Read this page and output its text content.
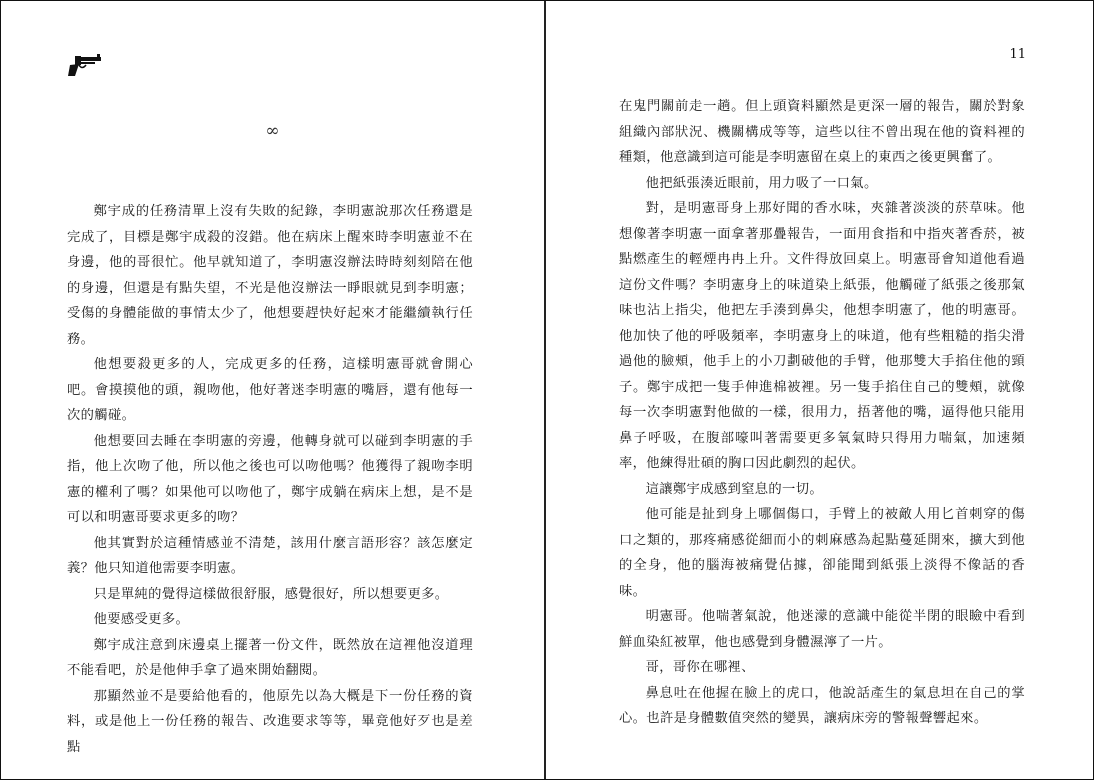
∞

鄭宇成的任務清單上沒有失敗的紀錄，李明憲說那次任務還是完成了，目標是鄭宇成殺的沒錯。他在病床上醒來時李明憲並不在身邊，他的哥很忙。他早就知道了，李明憲沒辦法時時刻刻陪在他的身邊，但還是有點失望，不光是他沒辦法一睜眼就見到李明憲；受傷的身體能做的事情太少了，他想要趕快好起來才能繼續執行任務。

他想要殺更多的人，完成更多的任務，這樣明憲哥就會開心吧。會摸摸他的頭，親吻他，他好著迷李明憲的嘴唇，還有他每一次的觸碰。

他想要回去睡在李明憲的旁邊，他轉身就可以碰到李明憲的手指，他上次吻了他，所以他之後也可以吻他嗎？他獲得了親吻李明憲的權利了嗎？如果他可以吻他了，鄭宇成躺在病床上想，是不是可以和明憲哥要求更多的吻？

他其實對於這種情感並不清楚，該用什麼言語形容？該怎麼定義？他只知道他需要李明憲。

只是單純的覺得這樣做很舒服，感覺很好，所以想要更多。

他要感受更多。

鄭宇成注意到床邊桌上擺著一份文件，既然放在這裡他沒道理不能看吧，於是他伸手拿了過來開始翻閱。

那顯然並不是要給他看的，他原先以為大概是下一份任務的資料，或是他上一份任務的報告、改進要求等等，畢竟他好歹也是差點

11

在鬼門關前走一趟。但上頭資料顯然是更深一層的報告，關於對象組織內部狀況、機關構成等等，這些以往不曾出現在他的資料裡的種類，他意識到這可能是李明憲留在桌上的東西之後更興奮了。

他把紙張湊近眼前，用力吸了一口氣。

對，是明憲哥身上那好聞的香水味，夾雜著淡淡的菸草味。他想像著李明憲一面拿著那疊報告，一面用食指和中指夾著香菸，被點燃產生的輕煙冉冉上升。文件得放回桌上。明憲哥會知道他看過這份文件嗎？李明憲身上的味道染上紙張，他觸碰了紙張之後那氣味也沾上指尖，他把左手湊到鼻尖，他想李明憲了，他的明憲哥。他加快了他的呼吸頻率，李明憲身上的味道，他有些粗糙的指尖滑過他的臉頰，他手上的小刀劃破他的手臂，他那雙大手掐住他的頸子。鄭宇成把一隻手伸進棉被裡。另一隻手掐住自己的雙頰，就像每一次李明憲對他做的一樣，很用力，捂著他的嘴，逼得他只能用鼻子呼吸，在腹部嚎叫著需要更多氧氣時只得用力喘氣，加速頻率，他練得壯碩的胸口因此劇烈的起伏。

這讓鄭宇成感到窒息的一切。

他可能是扯到身上哪個傷口，手臂上的被敵人用匕首刺穿的傷口之類的，那疼痛感從細而小的刺麻感為起點蔓延開來，擴大到他的全身，他的腦海被痛覺佔據，卻能聞到紙張上淡得不像話的香味。

明憲哥。他喘著氣說，他迷濛的意識中能從半閉的眼瞼中看到鮮血染紅被單，他也感覺到身體濕濘了一片。

哥，哥你在哪裡、

鼻息吐在他握在臉上的虎口，他說話產生的氣息坦在自己的掌心。也許是身體數值突然的變異，讓病床旁的警報聲響起來。
